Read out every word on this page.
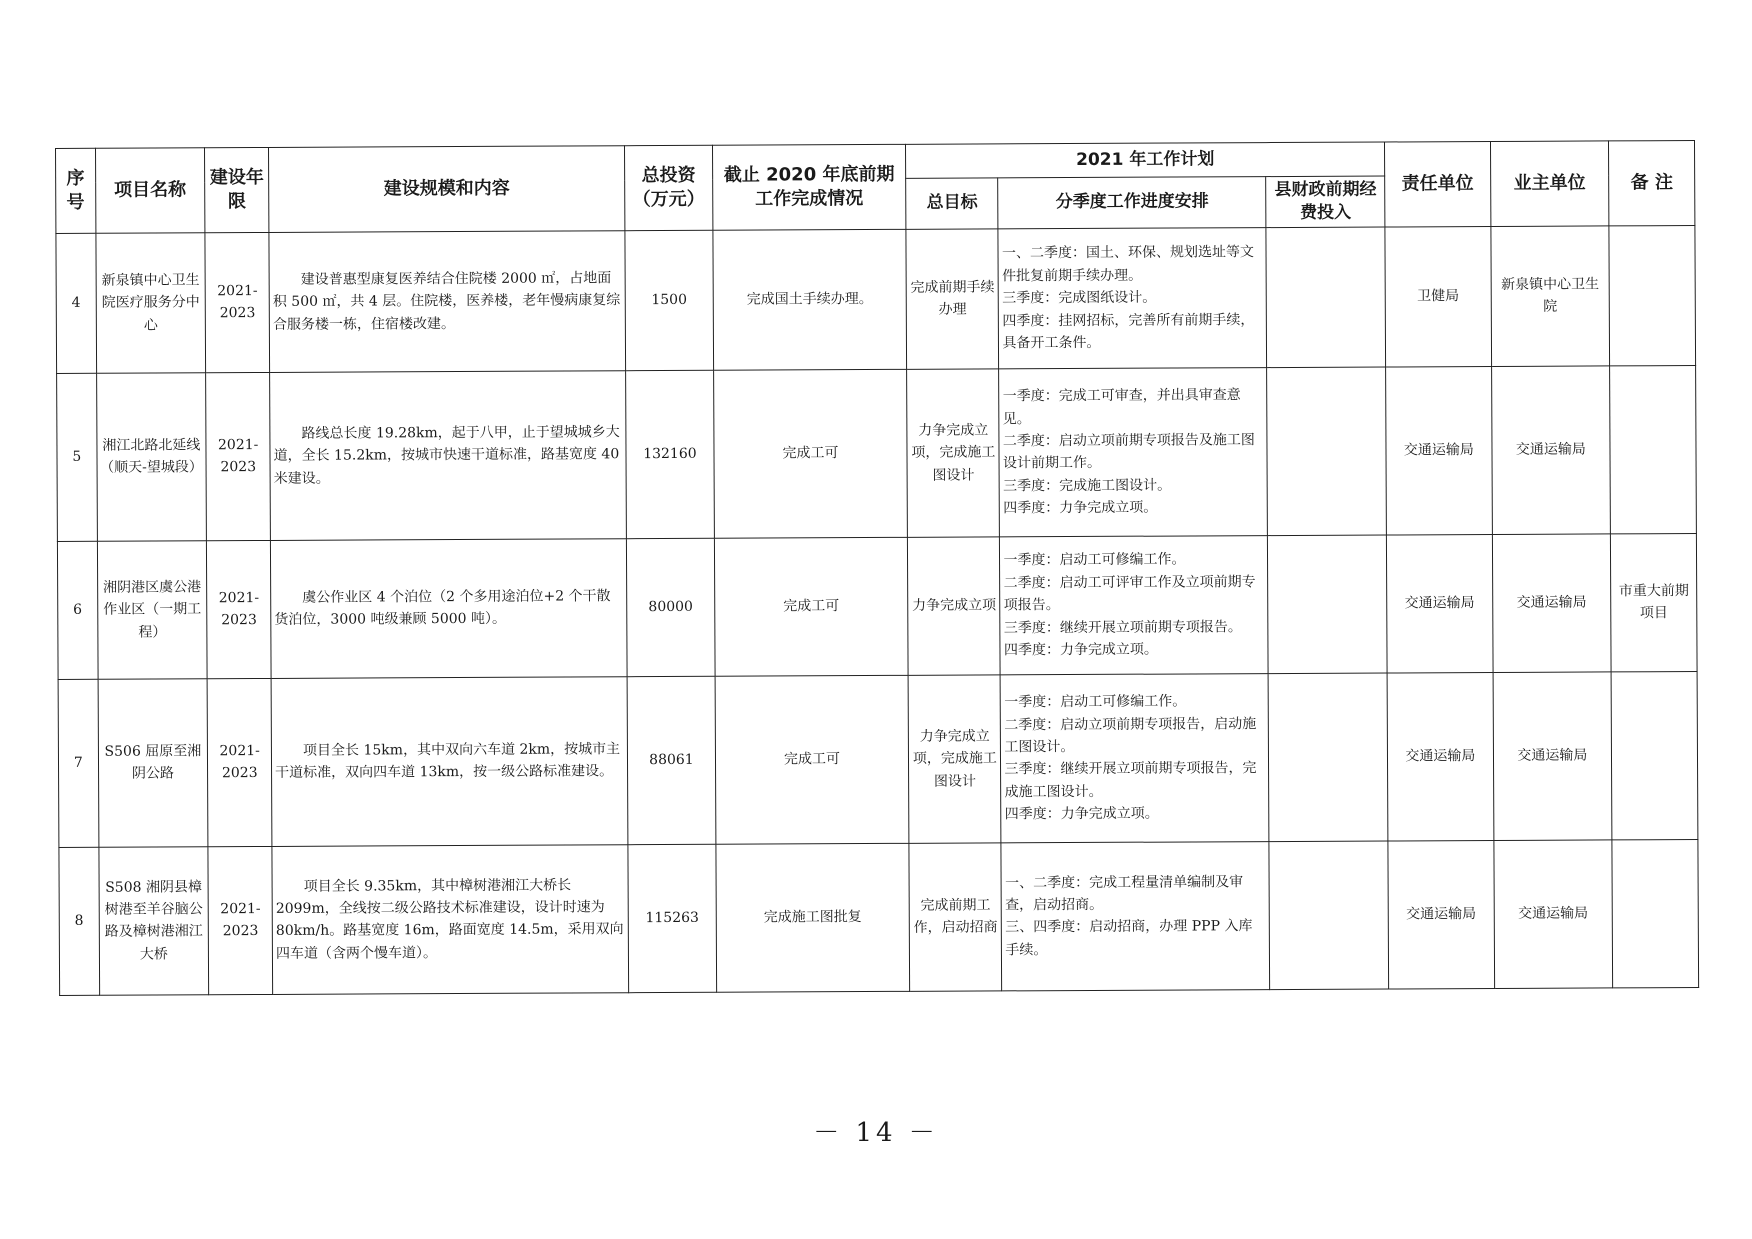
序号	项目名称	建设年限	建设规模和内容	总投资（万元）	截止 2020 年底前期工作完成情况	2021 年工作计划			责任单位	业主单位	备 注
						总目标	分季度工作进度安排	县财政前期经费投入			
4	新泉镇中心卫生院医疗服务分中心	2021-2023	建设普惠型康复医养结合住院楼 2000 ㎡，占地面积 500 ㎡，共 4 层。住院楼，医养楼，老年慢病康复综合服务楼一栋，住宿楼改建。	1500	完成国土手续办理。	完成前期手续办理	一、二季度：国土、环保、规划选址等文件批复前期手续办理。
三季度：完成图纸设计。
四季度：挂网招标，完善所有前期手续，具备开工条件。		卫健局	新泉镇中心卫生院	
5	湘江北路北延线（顺天-望城段）	2021-2023	路线总长度 19.28km，起于八甲，止于望城城乡大道，全长 15.2km，按城市快速干道标准，路基宽度 40 米建设。	132160	完成工可	力争完成立项，完成施工图设计	一季度：完成工可审查，并出具审查意见。
二季度：启动立项前期专项报告及施工图设计前期工作。
三季度：完成施工图设计。
四季度：力争完成立项。		交通运输局	交通运输局	
6	湘阴港区虞公港作业区（一期工程）	2021-2023	虞公作业区 4 个泊位（2 个多用途泊位+2 个干散货泊位，3000 吨级兼顾 5000 吨）。	80000	完成工可	力争完成立项	一季度：启动工可修编工作。
二季度：启动工可评审工作及立项前期专项报告。
三季度：继续开展立项前期专项报告。
四季度：力争完成立项。		交通运输局	交通运输局	市重大前期项目
7	S506 屈原至湘阴公路	2021-2023	项目全长 15km，其中双向六车道 2km，按城市主干道标准，双向四车道 13km，按一级公路标准建设。	88061	完成工可	力争完成立项，完成施工图设计	一季度：启动工可修编工作。
二季度：启动立项前期专项报告，启动施工图设计。
三季度：继续开展立项前期专项报告，完成施工图设计。
四季度：力争完成立项。		交通运输局	交通运输局	
8	S508 湘阴县樟树港至羊谷脑公路及樟树港湘江大桥	2021-2023	项目全长 9.35km，其中樟树港湘江大桥长 2099m，全线按二级公路技术标准建设，设计时速为 80km/h。路基宽度 16m，路面宽度 14.5m，采用双向四车道（含两个慢车道）。	115263	完成施工图批复	完成前期工作，启动招商	一、二季度：完成工程量清单编制及审查，启动招商。
三、四季度：启动招商，办理 PPP 入库手续。		交通运输局	交通运输局	
－ 14 －
